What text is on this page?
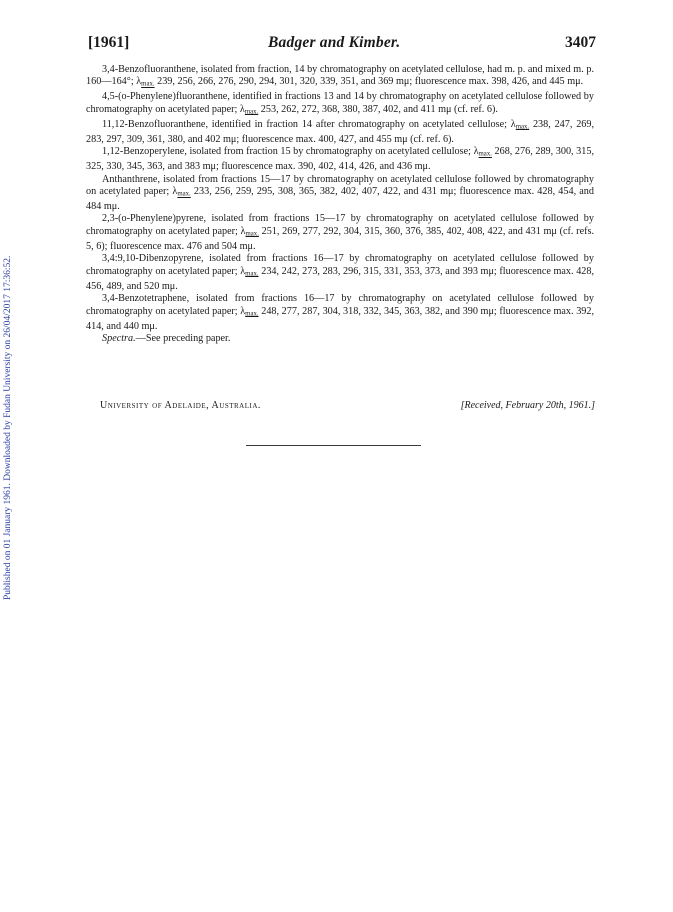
Published on 01 January 1961. Downloaded by Fudan University on 26/04/2017 17:36:52.
[1961]	Badger and Kimber.	3407

3,4-Benzofluoranthene, isolated from fraction, 14 by chromatography on acetylated cellulose, had m. p. and mixed m. p. 160—164°; λmax. 239, 256, 266, 276, 290, 294, 301, 320, 339, 351, and 369 mμ; fluorescence max. 398, 426, and 445 mμ.

4,5-(o-Phenylene)fluoranthene, identified in fractions 13 and 14 by chromatography on acetylated cellulose followed by chromatography on acetylated paper; λmax. 253, 262, 272, 368, 380, 387, 402, and 411 mμ (cf. ref. 6).

11,12-Benzofluoranthene, identified in fraction 14 after chromatography on acetylated cellulose; λmax. 238, 247, 269, 283, 297, 309, 361, 380, and 402 mμ; fluorescence max. 400, 427, and 455 mμ (cf. ref. 6).

1,12-Benzoperylene, isolated from fraction 15 by chromatography on acetylated cellulose; λmax. 268, 276, 289, 300, 315, 325, 330, 345, 363, and 383 mμ; fluorescence max. 390, 402, 414, 426, and 436 mμ.

Anthanthrene, isolated from fractions 15—17 by chromatography on acetylated cellulose followed by chromatography on acetylated paper; λmax. 233, 256, 259, 295, 308, 365, 382, 402, 407, 422, and 431 mμ; fluorescence max. 428, 454, and 484 mμ.

2,3-(o-Phenylene)pyrene, isolated from fractions 15—17 by chromatography on acetylated cellulose followed by chromatography on acetylated paper; λmax. 251, 269, 277, 292, 304, 315, 360, 376, 385, 402, 408, 422, and 431 mμ (cf. refs. 5, 6); fluorescence max. 476 and 504 mμ.

3,4:9,10-Dibenzopyrene, isolated from fractions 16—17 by chromatography on acetylated cellulose followed by chromatography on acetylated paper; λmax. 234, 242, 273, 283, 296, 315, 331, 353, 373, and 393 mμ; fluorescence max. 428, 456, 489, and 520 mμ.

3,4-Benzotetraphene, isolated from fractions 16—17 by chromatography on acetylated cellulose followed by chromatography on acetylated paper; λmax. 248, 277, 287, 304, 318, 332, 345, 363, 382, and 390 mμ; fluorescence max. 392, 414, and 440 mμ.

Spectra.—See preceding paper.

University of Adelaide, Australia.	[Received, February 20th, 1961.]
